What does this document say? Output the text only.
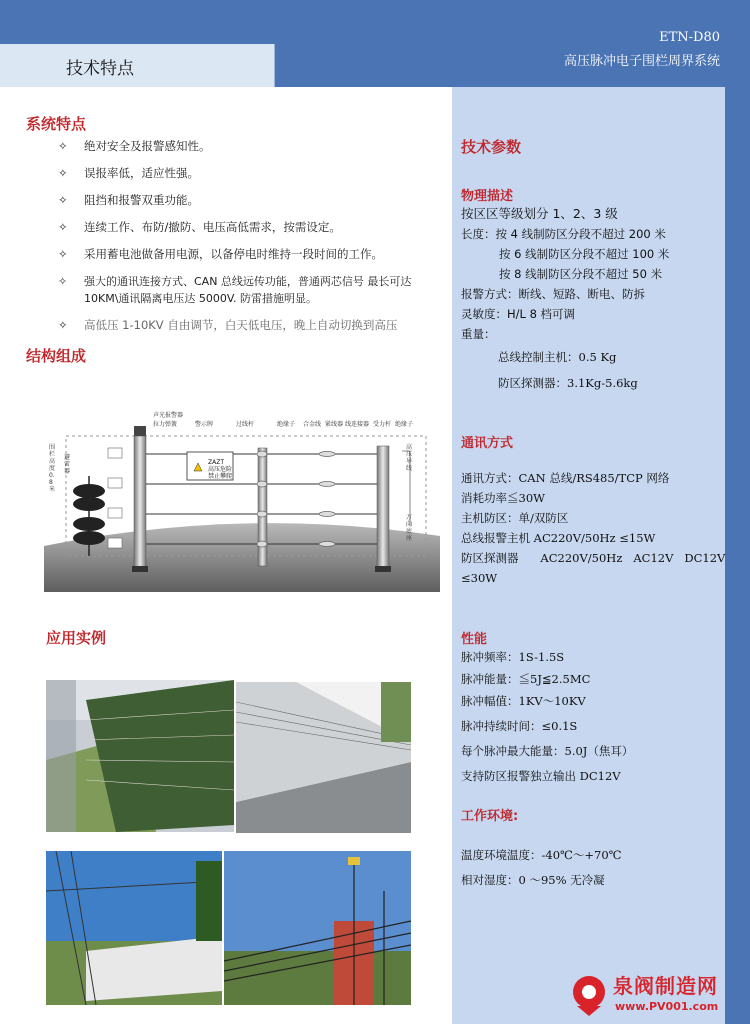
技术特点
ETN-D80
高压脉冲电子围栏周界系统
系统特点
✧ 绝对安全及报警感知性。
✧ 误报率低，适应性强。
✧ 阻挡和报警双重功能。
✧ 连续工作、布防/撤防、电压高低需求，按需设定。
✧ 采用蓄电池做备用电源，以备停电时维持一段时间的工作。
✧ 强大的通讯连接方式、CAN 总线远传功能，普通两芯信号 最长可达 10KM\通讯隔离电压达 5000V. 防雷措施明显。
✧ 高低压 1-10KV 自由调节，白天低电压，晚上自动切换到高压
结构组成
声光报警器
拉力弹簧	警示牌	过线杆	绝缘子 合金线 紧线器 线连接器 受力杆 绝缘子
围栏高度0.8米
避雷器
高压导线
万向底座
ZAZT
高压危险
禁止攀爬
应用实例
技术参数
物理描述
按区区等级划分 1、2、3 级
长度：按 4 线制防区分段不超过 200 米
按 6 线制防区分段不超过 100 米
按 8 线制防区分段不超过 50 米
报警方式：断线、短路、断电、防拆
灵敏度：H/L 8 档可调
重量：
总线控制主机：0.5 Kg
防区探测器：3.1Kg-5.6kg
通讯方式
通讯方式：CAN 总线/RS485/TCP 网络
消耗功率≦30W
主机防区：单/双防区
总线报警主机 AC220V/50Hz ≤15W
防区探测器      AC220V/50Hz   AC12V   DC12V
≤30W
性能
脉冲频率：1S-1.5S
脉冲能量：≦5J≦2.5MC
脉冲幅值：1KV～10KV
脉冲持续时间：≤0.1S
每个脉冲最大能量：5.0J（焦耳）
支持防区报警独立输出 DC12V
工作环境:
温度环境温度：-40℃～+70℃
相对湿度：0 ～95% 无冷凝
泉阀制造网
www.PV001.com
